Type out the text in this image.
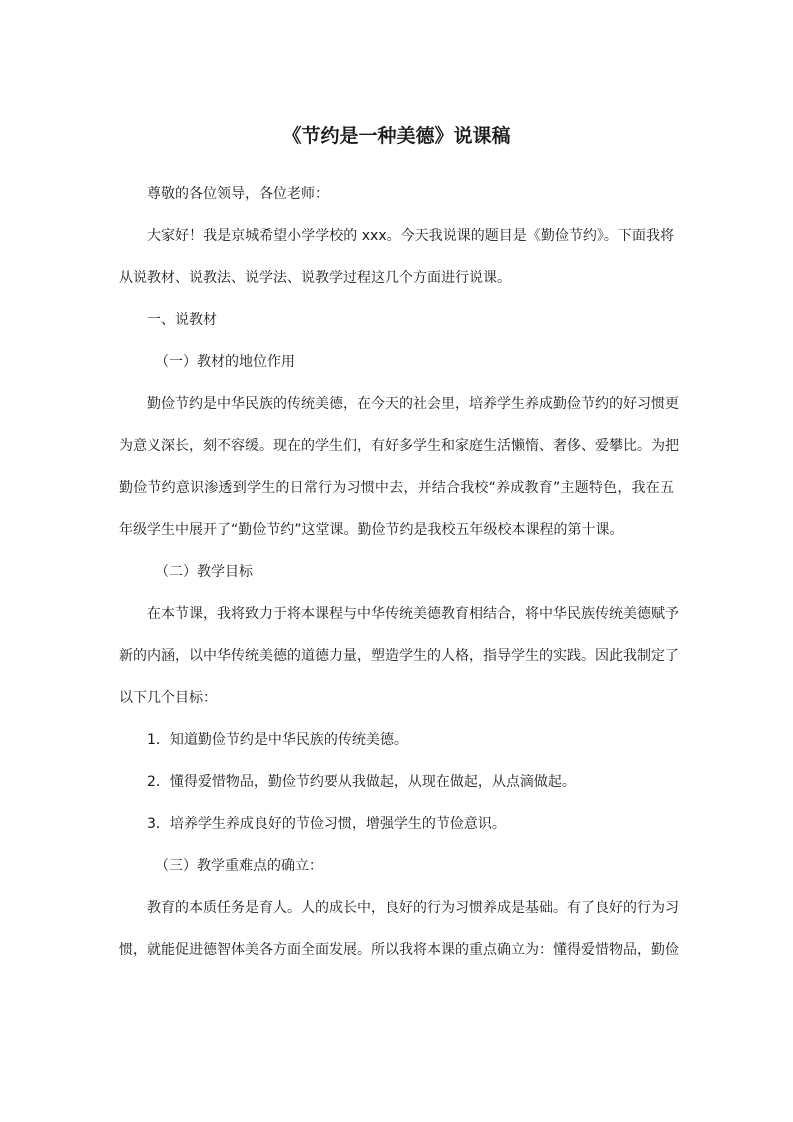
《节约是一种美德》说课稿
尊敬的各位领导，各位老师：
大家好！我是京城希望小学学校的 xxx。今天我说课的题目是《勤俭节约》。下面我将
从说教材、说教法、说学法、说教学过程这几个方面进行说课。
一、说教材
（一）教材的地位作用
勤俭节约是中华民族的传统美德，在今天的社会里，培养学生养成勤俭节约的好习惯更
为意义深长，刻不容缓。现在的学生们，有好多学生和家庭生活懒惰、奢侈、爱攀比。为把
勤俭节约意识渗透到学生的日常行为习惯中去，并结合我校“养成教育”主题特色，我在五
年级学生中展开了“勤俭节约”这堂课。勤俭节约是我校五年级校本课程的第十课。
（二）教学目标
在本节课，我将致力于将本课程与中华传统美德教育相结合，将中华民族传统美德赋予
新的内涵，以中华传统美德的道德力量，塑造学生的人格，指导学生的实践。因此我制定了
以下几个目标：
1．知道勤俭节约是中华民族的传统美德。
2．懂得爱惜物品，勤俭节约要从我做起，从现在做起，从点滴做起。
3．培养学生养成良好的节俭习惯，增强学生的节俭意识。
（三）教学重难点的确立：
教育的本质任务是育人。人的成长中，良好的行为习惯养成是基础。有了良好的行为习
惯，就能促进德智体美各方面全面发展。所以我将本课的重点确立为：懂得爱惜物品，勤俭
